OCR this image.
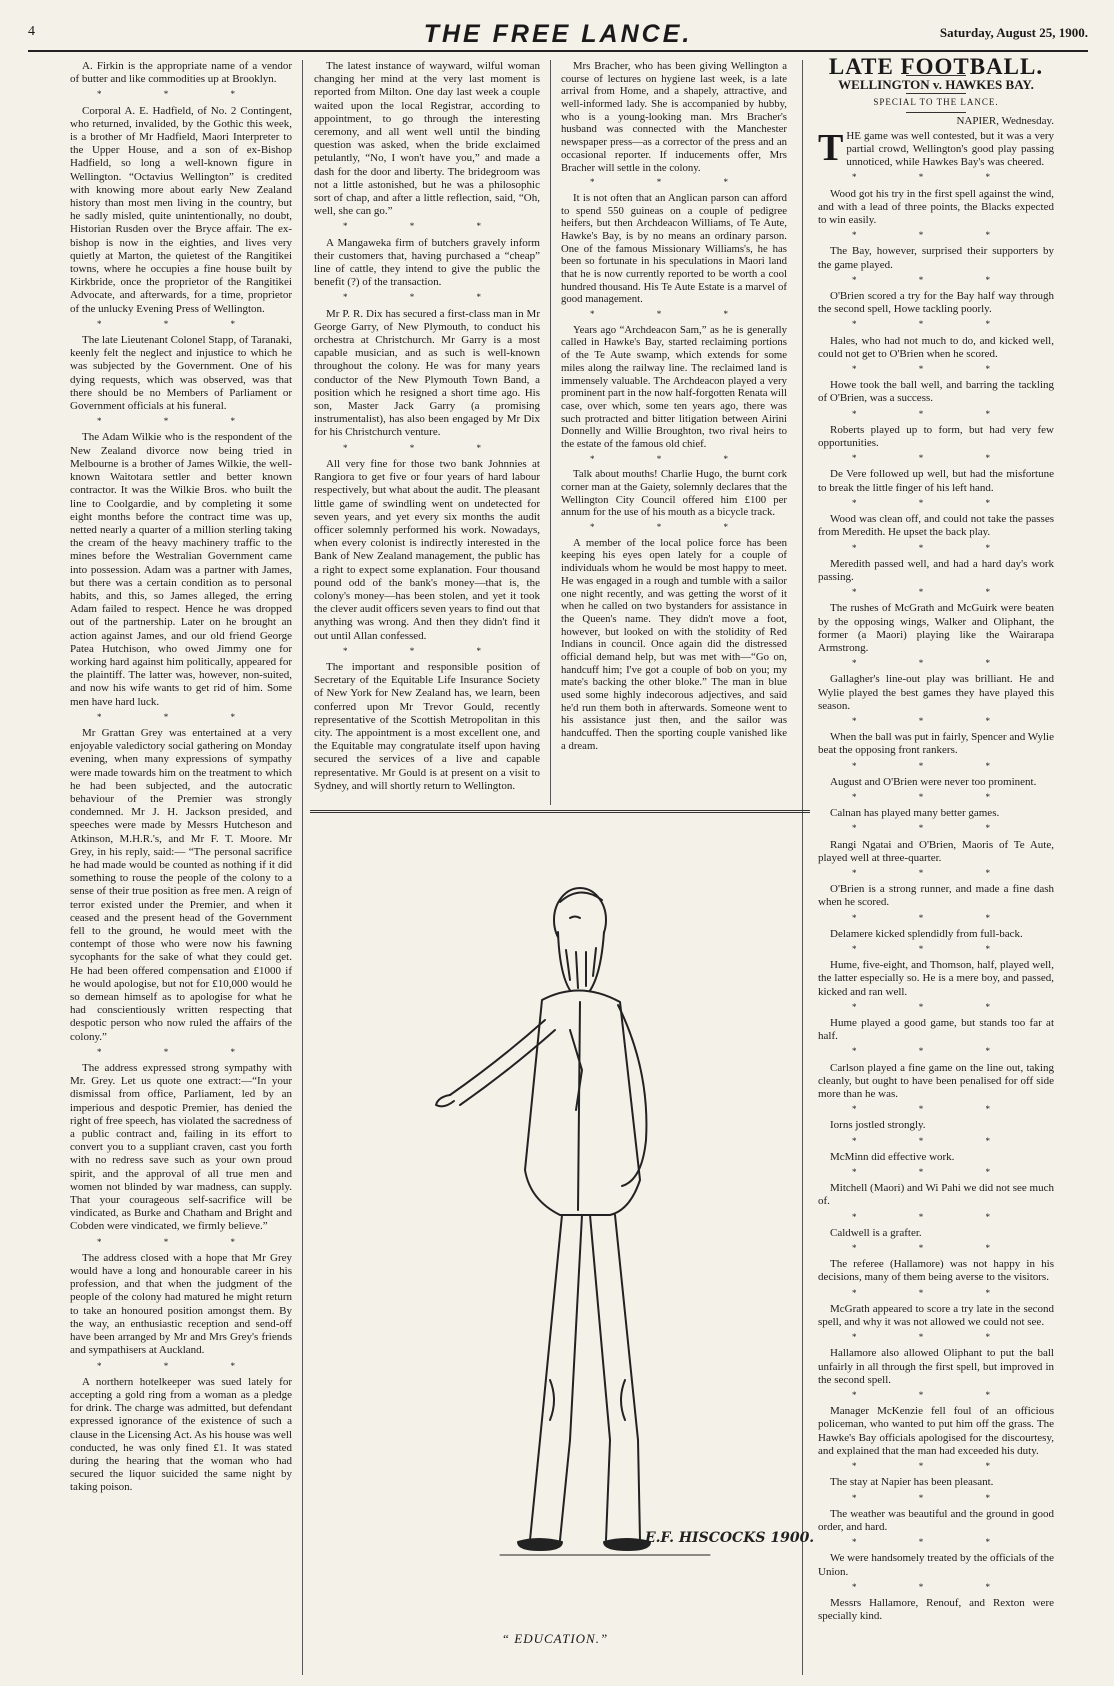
4	THE FREE LANCE.	Saturday, August 25, 1900.

A. Firkin is the appropriate name of a vendor of butter and like commodities up at Brooklyn.

* * *

Corporal A. E. Hadfield, of No. 2 Contingent, who returned, invalided, by the Gothic this week, is a brother of Mr Hadfield, Maori Interpreter to the Upper House, and a son of ex-Bishop Hadfield, so long a well-known figure in Wellington. “Octavius Wellington” is credited with knowing more about early New Zealand history than most men living in the country, but he sadly misled, quite unintentionally, no doubt, Historian Rusden over the Bryce affair. The ex-bishop is now in the eighties, and lives very quietly at Marton, the quietest of the Rangitikei towns, where he occupies a fine house built by Kirkbride, once the proprietor of the Rangitikei Advocate, and afterwards, for a time, proprietor of the unlucky Evening Press of Wellington.

* * *

The late Lieutenant Colonel Stapp, of Taranaki, keenly felt the neglect and injustice to which he was subjected by the Government. One of his dying requests, which was observed, was that there should be no Members of Parliament or Government officials at his funeral.

* * *

The Adam Wilkie who is the respondent of the New Zealand divorce now being tried in Melbourne is a brother of James Wilkie, the well-known Waitotara settler and better known contractor. It was the Wilkie Bros. who built the line to Coolgardie, and by completing it some eight months before the contract time was up, netted nearly a quarter of a million sterling taking the cream of the heavy machinery traffic to the mines before the Westralian Government came into possession. Adam was a partner with James, but there was a certain condition as to personal habits, and this, so James alleged, the erring Adam failed to respect. Hence he was dropped out of the partnership. Later on he brought an action against James, and our old friend George Patea Hutchison, who owed Jimmy one for working hard against him politically, appeared for the plaintiff. The latter was, however, non-suited, and now his wife wants to get rid of him. Some men have hard luck.

* * *

Mr Grattan Grey was entertained at a very enjoyable valedictory social gathering on Monday evening, when many expressions of sympathy were made towards him on the treatment to which he had been subjected, and the autocratic behaviour of the Premier was strongly condemned. Mr J. H. Jackson presided, and speeches were made by Messrs Hutcheson and Atkinson, M.H.R.'s, and Mr F. T. Moore. Mr Grey, in his reply, said:— “The personal sacrifice he had made would be counted as nothing if it did something to rouse the people of the colony to a sense of their true position as free men. A reign of terror existed under the Premier, and when it ceased and the present head of the Government fell to the ground, he would meet with the contempt of those who were now his fawning sycophants for the sake of what they could get. He had been offered compensation and £1000 if he would apologise, but not for £10,000 would he so demean himself as to apologise for what he had conscientiously written respecting that despotic person who now ruled the affairs of the colony.”

* * *

The address expressed strong sympathy with Mr. Grey. Let us quote one extract:—“In your dismissal from office, Parliament, led by an imperious and despotic Premier, has denied the right of free speech, has violated the sacredness of a public contract and, failing in its effort to convert you to a suppliant craven, cast you forth with no redress save such as your own proud spirit, and the approval of all true men and women not blinded by war madness, can supply. That your courageous self-sacrifice will be vindicated, as Burke and Chatham and Bright and Cobden were vindicated, we firmly believe.”

* * *

The address closed with a hope that Mr Grey would have a long and honourable career in his profession, and that when the judgment of the people of the colony had matured he might return to take an honoured position amongst them. By the way, an enthusiastic reception and send-off have been arranged by Mr and Mrs Grey's friends and sympathisers at Auckland.

* * *

A northern hotelkeeper was sued lately for accepting a gold ring from a woman as a pledge for drink. The charge was admitted, but defendant expressed ignorance of the existence of such a clause in the Licensing Act. As his house was well conducted, he was only fined £1. It was stated during the hearing that the woman who had secured the liquor suicided the same night by taking poison.

The latest instance of wayward, wilful woman changing her mind at the very last moment is reported from Milton. One day last week a couple waited upon the local Registrar, according to appointment, to go through the interesting ceremony, and all went well until the binding question was asked, when the bride exclaimed petulantly, “No, I won't have you,” and made a dash for the door and liberty. The bridegroom was not a little astonished, but he was a philosophic sort of chap, and after a little reflection, said, “Oh, well, she can go.”

* * *

A Mangaweka firm of butchers gravely inform their customers that, having purchased a “cheap” line of cattle, they intend to give the public the benefit (?) of the transaction.

* * *

Mr P. R. Dix has secured a first-class man in Mr George Garry, of New Plymouth, to conduct his orchestra at Christchurch. Mr Garry is a most capable musician, and as such is well-known throughout the colony. He was for many years conductor of the New Plymouth Town Band, a position which he resigned a short time ago. His son, Master Jack Garry (a promising instrumentalist), has also been engaged by Mr Dix for his Christchurch venture.

* * *

All very fine for those two bank Johnnies at Rangiora to get five or four years of hard labour respectively, but what about the audit. The pleasant little game of swindling went on undetected for seven years, and yet every six months the audit officer solemnly performed his work. Nowadays, when every colonist is indirectly interested in the Bank of New Zealand management, the public has a right to expect some explanation. Four thousand pound odd of the bank's money—that is, the colony's money—has been stolen, and yet it took the clever audit officers seven years to find out that anything was wrong. And then they didn't find it out until Allan confessed.

* * *

The important and responsible position of Secretary of the Equitable Life Insurance Society of New York for New Zealand has, we learn, been conferred upon Mr Trevor Gould, recently representative of the Scottish Metropolitan in this city. The appointment is a most excellent one, and the Equitable may congratulate itself upon having secured the services of a live and capable representative. Mr Gould is at present on a visit to Sydney, and will shortly return to Wellington.

Mrs Bracher, who has been giving Wellington a course of lectures on hygiene last week, is a late arrival from Home, and a shapely, attractive, and well-informed lady. She is accompanied by hubby, who is a young-looking man. Mrs Bracher's husband was connected with the Manchester newspaper press—as a corrector of the press and an occasional reporter. If inducements offer, Mrs Bracher will settle in the colony.

* * *

It is not often that an Anglican parson can afford to spend 550 guineas on a couple of pedigree heifers, but then Archdeacon Williams, of Te Aute, Hawke's Bay, is by no means an ordinary parson. One of the famous Missionary Williams's, he has been so fortunate in his speculations in Maori land that he is now currently reported to be worth a cool hundred thousand. His Te Aute Estate is a marvel of good management.

* * *

Years ago “Archdeacon Sam,” as he is generally called in Hawke's Bay, started reclaiming portions of the Te Aute swamp, which extends for some miles along the railway line. The reclaimed land is immensely valuable. The Archdeacon played a very prominent part in the now half-forgotten Renata will case, over which, some ten years ago, there was such protracted and bitter litigation between Airini Donnelly and Willie Broughton, two rival heirs to the estate of the famous old chief.

* * *

Talk about mouths! Charlie Hugo, the burnt cork corner man at the Gaiety, solemnly declares that the Wellington City Council offered him £100 per annum for the use of his mouth as a bicycle track.

* * *

A member of the local police force has been keeping his eyes open lately for a couple of individuals whom he would be most happy to meet. He was engaged in a rough and tumble with a sailor one night recently, and was getting the worst of it when he called on two bystanders for assistance in the Queen's name. They didn't move a foot, however, but looked on with the stolidity of Red Indians in council. Once again did the distressed official demand help, but was met with—“Go on, handcuff him; I've got a couple of bob on you; my mate's backing the other bloke.” The man in blue used some highly indecorous adjectives, and said he'd run them both in afterwards. Someone went to his assistance just then, and the sailor was handcuffed. Then the sporting couple vanished like a dream.

E.F. HISCOCKS 1900.
“ EDUCATION.”

LATE FOOTBALL.

WELLINGTON v. HAWKES BAY.

SPECIAL TO THE LANCE.

NAPIER, Wednesday.

THE game was well contested, but it was a very partial crowd, Wellington's good play passing unnoticed, while Hawkes Bay's was cheered.

* * *

Wood got his try in the first spell against the wind, and with a lead of three points, the Blacks expected to win easily.

* * *

The Bay, however, surprised their supporters by the game played.

* * *

O'Brien scored a try for the Bay half way through the second spell, Howe tackling poorly.

* * *

Hales, who had not much to do, and kicked well, could not get to O'Brien when he scored.

* * *

Howe took the ball well, and barring the tackling of O'Brien, was a success.

* * *

Roberts played up to form, but had very few opportunities.

* * *

De Vere followed up well, but had the misfortune to break the little finger of his left hand.

* * *

Wood was clean off, and could not take the passes from Meredith. He upset the back play.

* * *

Meredith passed well, and had a hard day's work passing.

* * *

The rushes of McGrath and McGuirk were beaten by the opposing wings, Walker and Oliphant, the former (a Maori) playing like the Wairarapa Armstrong.

* * *

Gallagher's line-out play was brilliant. He and Wylie played the best games they have played this season.

* * *

When the ball was put in fairly, Spencer and Wylie beat the opposing front rankers.

* * *

August and O'Brien were never too prominent.

* * *

Calnan has played many better games.

* * *

Rangi Ngatai and O'Brien, Maoris of Te Aute, played well at three-quarter.

* * *

O'Brien is a strong runner, and made a fine dash when he scored.

* * *

Delamere kicked splendidly from full-back.

* * *

Hume, five-eight, and Thomson, half, played well, the latter especially so. He is a mere boy, and passed, kicked and ran well.

* * *

Hume played a good game, but stands too far at half.

* * *

Carlson played a fine game on the line out, taking cleanly, but ought to have been penalised for off side more than he was.

* * *

Iorns jostled strongly.

* * *

McMinn did effective work.

* * *

Mitchell (Maori) and Wi Pahi we did not see much of.

* * *

Caldwell is a grafter.

* * *

The referee (Hallamore) was not happy in his decisions, many of them being averse to the visitors.

* * *

McGrath appeared to score a try late in the second spell, and why it was not allowed we could not see.

* * *

Hallamore also allowed Oliphant to put the ball unfairly in all through the first spell, but improved in the second spell.

* * *

Manager McKenzie fell foul of an officious policeman, who wanted to put him off the grass. The Hawke's Bay officials apologised for the discourtesy, and explained that the man had exceeded his duty.

* * *

The stay at Napier has been pleasant.

* * *

The weather was beautiful and the ground in good order, and hard.

* * *

We were handsomely treated by the officials of the Union.

* * *

Messrs Hallamore, Renouf, and Rexton were specially kind.
